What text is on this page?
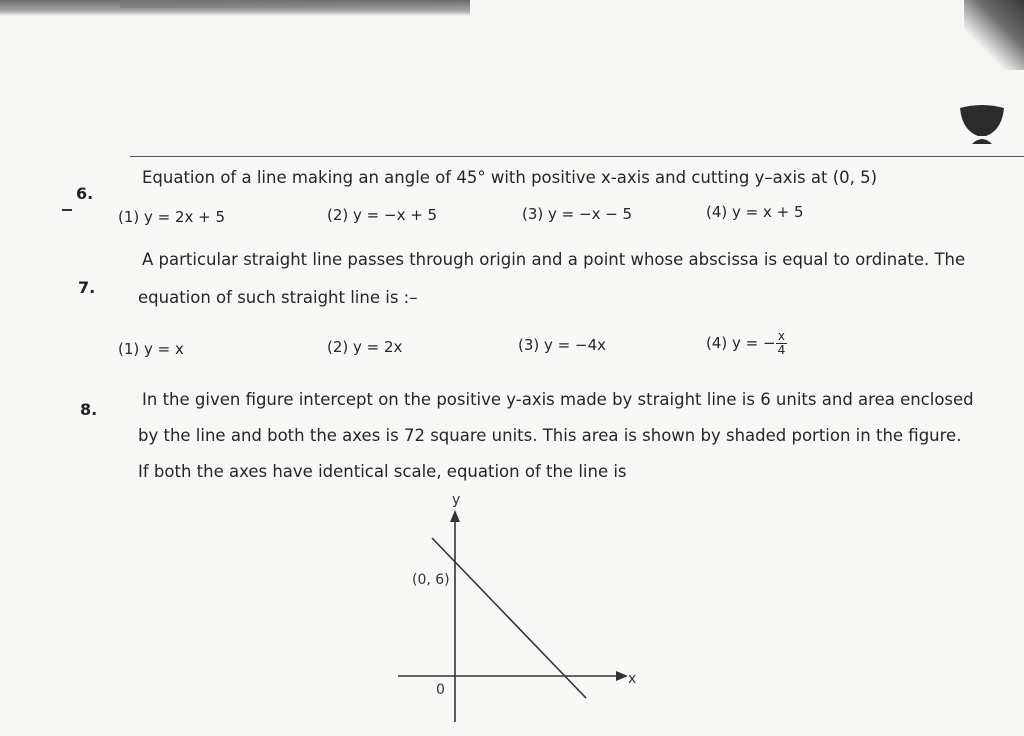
6.
Equation of a line making an angle of 45° with positive x-axis and cutting y–axis at (0, 5)
(1) y = 2x + 5	(2) y = −x + 5	(3) y = −x − 5	(4) y = x + 5
7.
A particular straight line passes through origin and a point whose abscissa is equal to ordinate. The
equation of such straight line is :–
(1) y = x	(2) y = 2x	(3) y = −4x	(4) y = − $\frac{x}{4}$
8.
In the given figure intercept on the positive y-axis made by straight line is 6 units and area enclosed
by the line and both the axes is 72 square units. This area is shown by shaded portion in the figure.
If both the axes have identical scale, equation of the line is
y
x
0
(0, 6)
